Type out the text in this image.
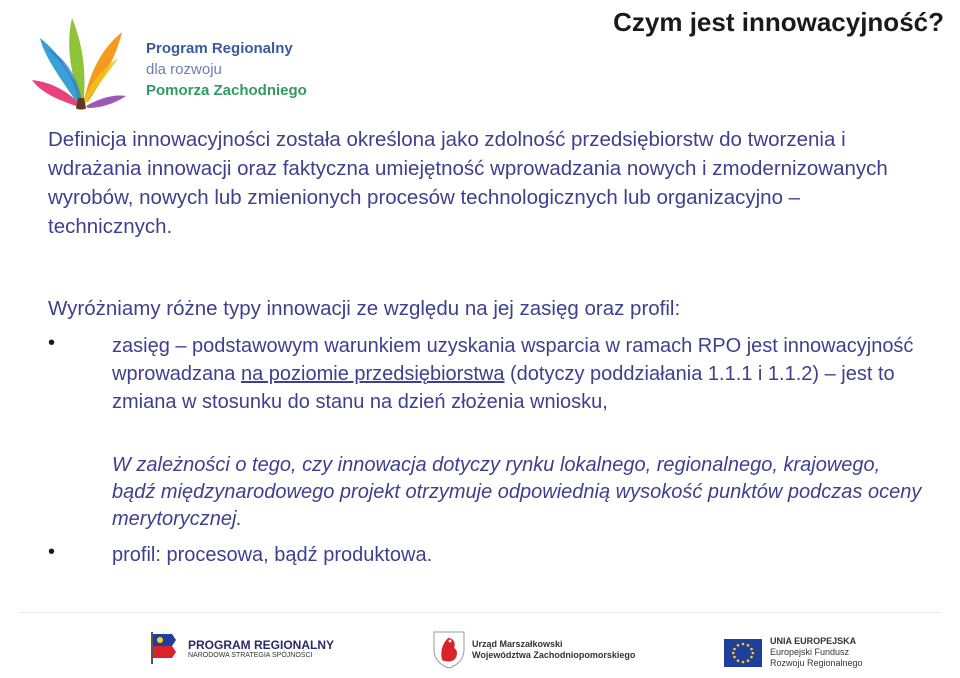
Program Regionalny
dla rozwoju
Pomorza Zachodniego
Czym jest innowacyjność?
Definicja innowacyjności została określona jako zdolność przedsiębiorstw do tworzenia i wdrażania innowacji oraz faktyczna umiejętność wprowadzania nowych i zmodernizowanych wyrobów, nowych lub zmienionych procesów technologicznych lub organizacyjno – technicznych.
Wyróżniamy różne typy innowacji ze względu na jej zasięg oraz profil:
•	zasięg – podstawowym warunkiem uzyskania wsparcia w ramach RPO jest innowacyjność wprowadzana na poziomie przedsiębiorstwa (dotyczy poddziałania 1.1.1 i 1.1.2) – jest to zmiana w stosunku do stanu na dzień złożenia wniosku,
W zależności o tego, czy innowacja dotyczy rynku lokalnego, regionalnego, krajowego, bądź międzynarodowego projekt otrzymuje odpowiednią wysokość punktów podczas oceny merytorycznej.
•	profil: procesowa, bądź produktowa.
PROGRAM REGIONALNY
NARODOWA STRATEGIA SPÓJNOŚCI
Urząd Marszałkowski
Województwa Zachodniopomorskiego
UNIA EUROPEJSKA
Europejski Fundusz
Rozwoju Regionalnego
